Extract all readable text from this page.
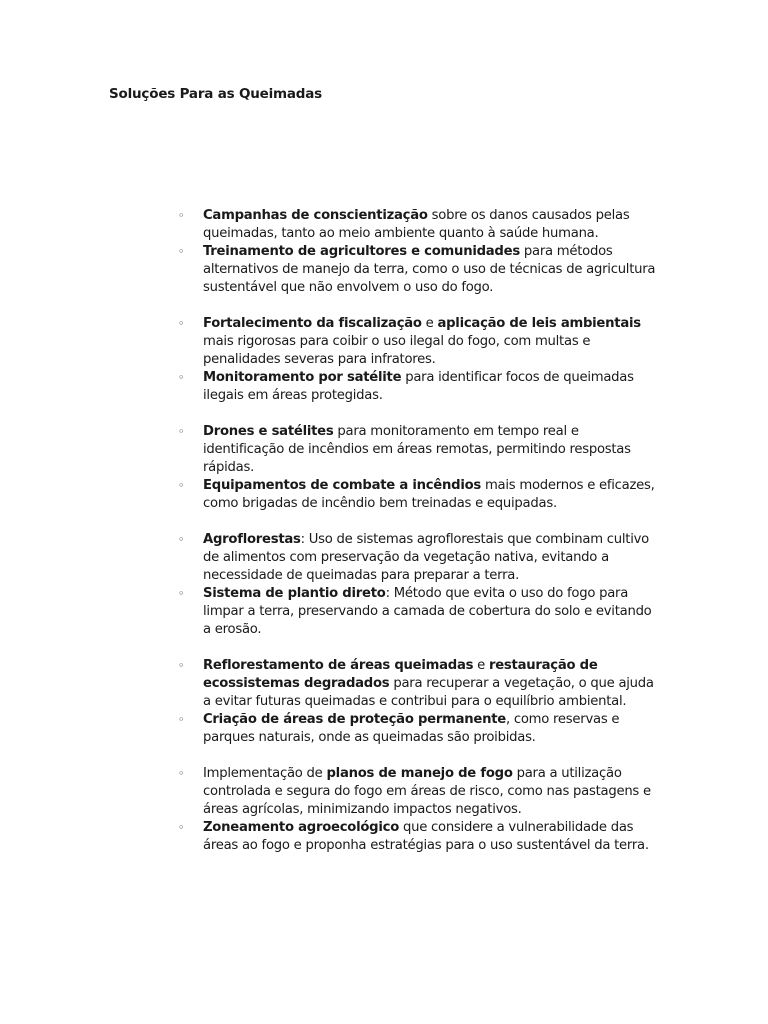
Soluções Para as Queimadas
◦
Campanhas de conscientização sobre os danos causados pelas queimadas, tanto ao meio ambiente quanto à saúde humana.
◦
Treinamento de agricultores e comunidades para métodos alternativos de manejo da terra, como o uso de técnicas de agricultura sustentável que não envolvem o uso do fogo.
◦
Fortalecimento da fiscalização e aplicação de leis ambientais mais rigorosas para coibir o uso ilegal do fogo, com multas e penalidades severas para infratores.
◦
Monitoramento por satélite para identificar focos de queimadas ilegais em áreas protegidas.
◦
Drones e satélites para monitoramento em tempo real e identificação de incêndios em áreas remotas, permitindo respostas rápidas.
◦
Equipamentos de combate a incêndios mais modernos e eficazes, como brigadas de incêndio bem treinadas e equipadas.
◦
Agroflorestas: Uso de sistemas agroflorestais que combinam cultivo de alimentos com preservação da vegetação nativa, evitando a necessidade de queimadas para preparar a terra.
◦
Sistema de plantio direto: Método que evita o uso do fogo para limpar a terra, preservando a camada de cobertura do solo e evitando a erosão.
◦
Reflorestamento de áreas queimadas e restauração de ecossistemas degradados para recuperar a vegetação, o que ajuda a evitar futuras queimadas e contribui para o equilíbrio ambiental.
◦
Criação de áreas de proteção permanente, como reservas e parques naturais, onde as queimadas são proibidas.
◦
Implementação de planos de manejo de fogo para a utilização controlada e segura do fogo em áreas de risco, como nas pastagens e áreas agrícolas, minimizando impactos negativos.
◦
Zoneamento agroecológico que considere a vulnerabilidade das áreas ao fogo e proponha estratégias para o uso sustentável da terra.
